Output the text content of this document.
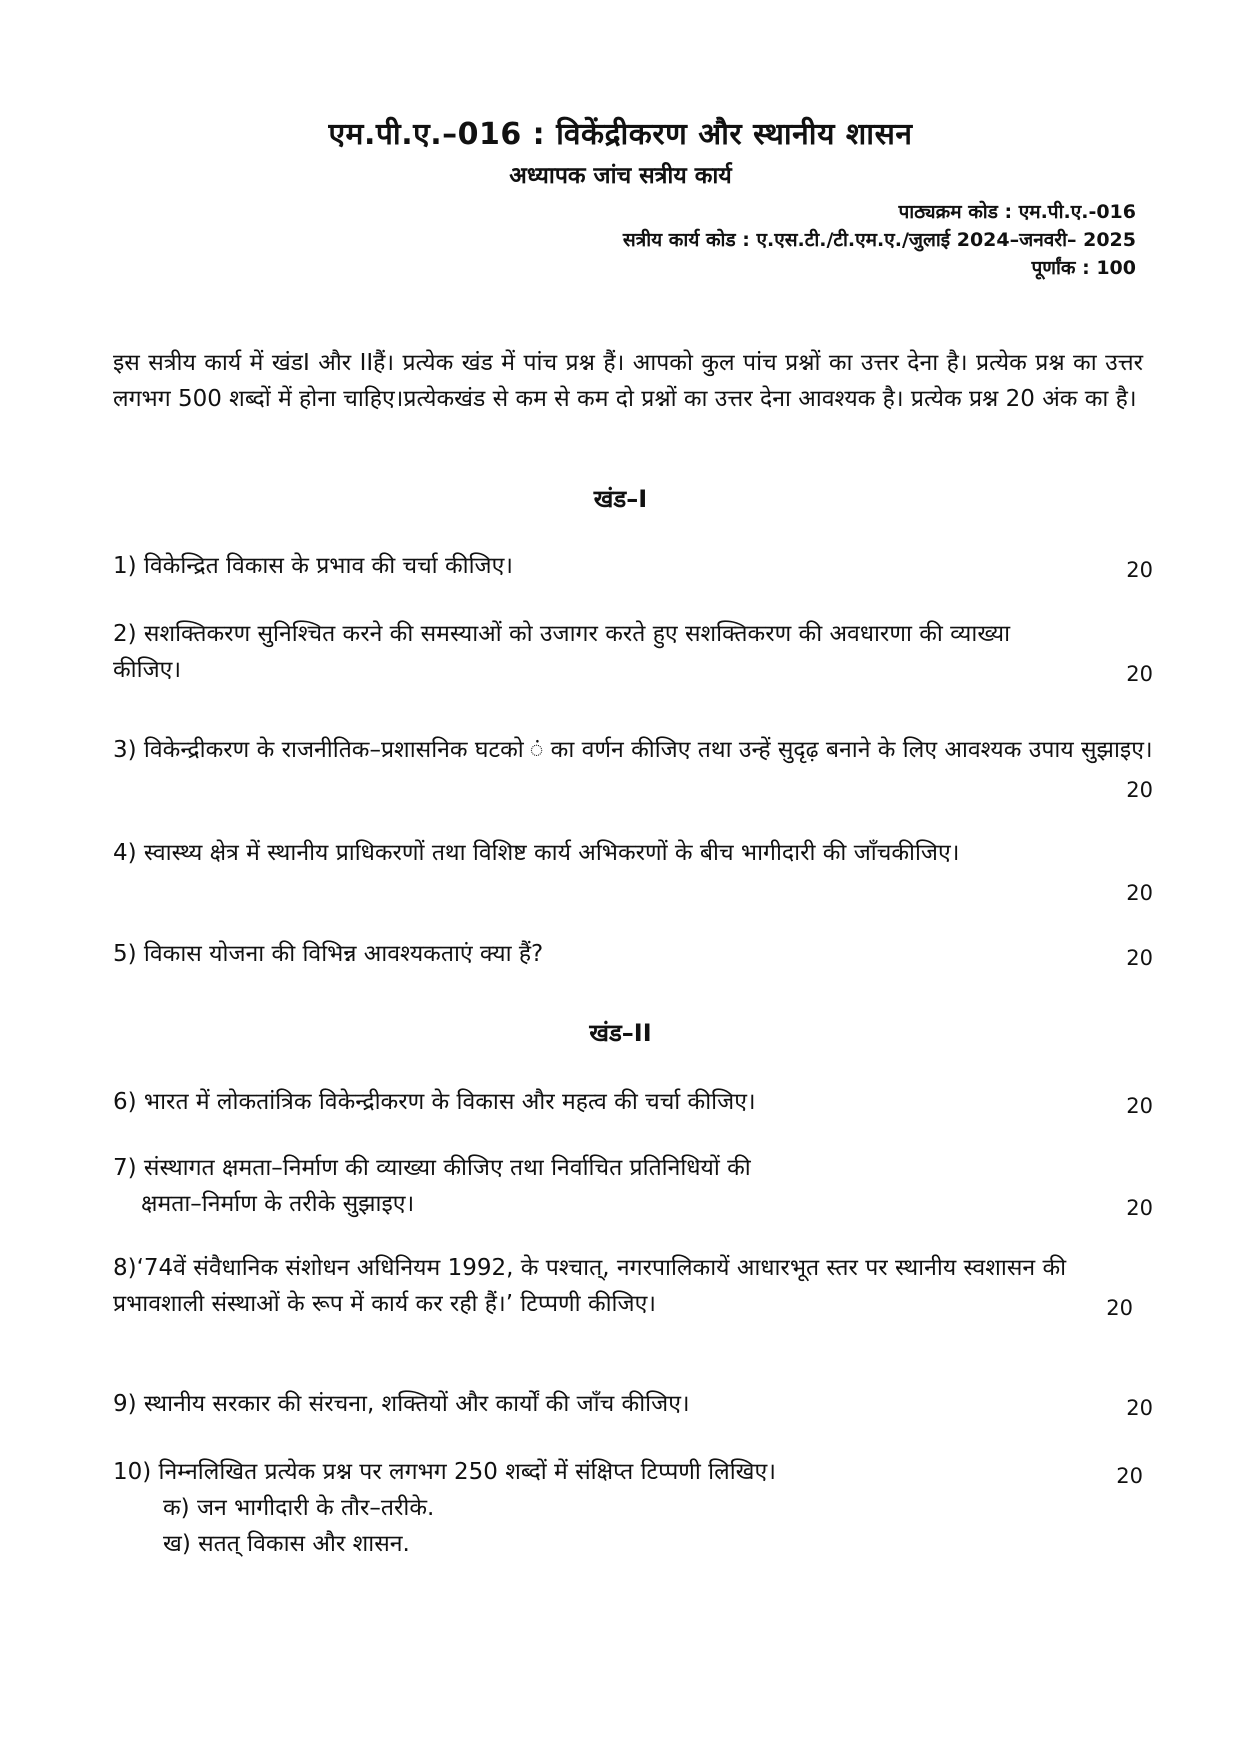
एम.पी.ए.–016 : विकेंद्रीकरण और स्थानीय शासन
अध्यापक जांच सत्रीय कार्य
पाठ्यक्रम कोड : एम.पी.ए.-016
सत्रीय कार्य कोड : ए.एस.टी./टी.एम.ए./जुलाई 2024–जनवरी– 2025
पूर्णांक : 100

इस सत्रीय कार्य में खंडI और IIहैं। प्रत्येक खंड में पांच प्रश्न हैं। आपको कुल पांच प्रश्नों का उत्तर देना है। प्रत्येक प्रश्न का उत्तर लगभग 500 शब्दों में होना चाहिए।प्रत्येकखंड से कम से कम दो प्रश्नों का उत्तर देना आवश्यक है। प्रत्येक प्रश्न 20 अंक का है।

खंड–I
1) विकेन्द्रित विकास के प्रभाव की चर्चा कीजिए।	20
2) सशक्तिकरण सुनिश्चित करने की समस्याओं को उजागर करते हुए सशक्तिकरण की अवधारणा की व्याख्या कीजिए।	20
3) विकेन्द्रीकरण के राजनीतिक–प्रशासनिक घटको ं का वर्णन कीजिए तथा उन्हें सुदृढ़ बनाने के लिए आवश्यक उपाय सुझाइए।
20
4) स्वास्थ्य क्षेत्र में स्थानीय प्राधिकरणों तथा विशिष्ट कार्य अभिकरणों के बीच भागीदारी की जाँचकीजिए।
20
5) विकास योजना की विभिन्न आवश्यकताएं क्या हैं?	20
खंड–II
6) भारत में लोकतांत्रिक विकेन्द्रीकरण के विकास और महत्व की चर्चा कीजिए।	20
7) संस्थागत क्षमता–निर्माण की व्याख्या कीजिए तथा निर्वाचित प्रतिनिधियों की
क्षमता–निर्माण के तरीके सुझाइए।	20
8)‘74वें संवैधानिक संशोधन अधिनियम 1992, के पश्चात्, नगरपालिकायें आधारभूत स्तर पर स्थानीय स्वशासन की प्रभावशाली संस्थाओं के रूप में कार्य कर रही हैं।’ टिप्पणी कीजिए।	20
9) स्थानीय सरकार की संरचना, शक्तियों और कार्यों की जाँच कीजिए।	20
10) निम्नलिखित प्रत्येक प्रश्न पर लगभग 250 शब्दों में संक्षिप्त टिप्पणी लिखिए।	20
क) जन भागीदारी के तौर–तरीके.
ख) सतत् विकास और शासन.
